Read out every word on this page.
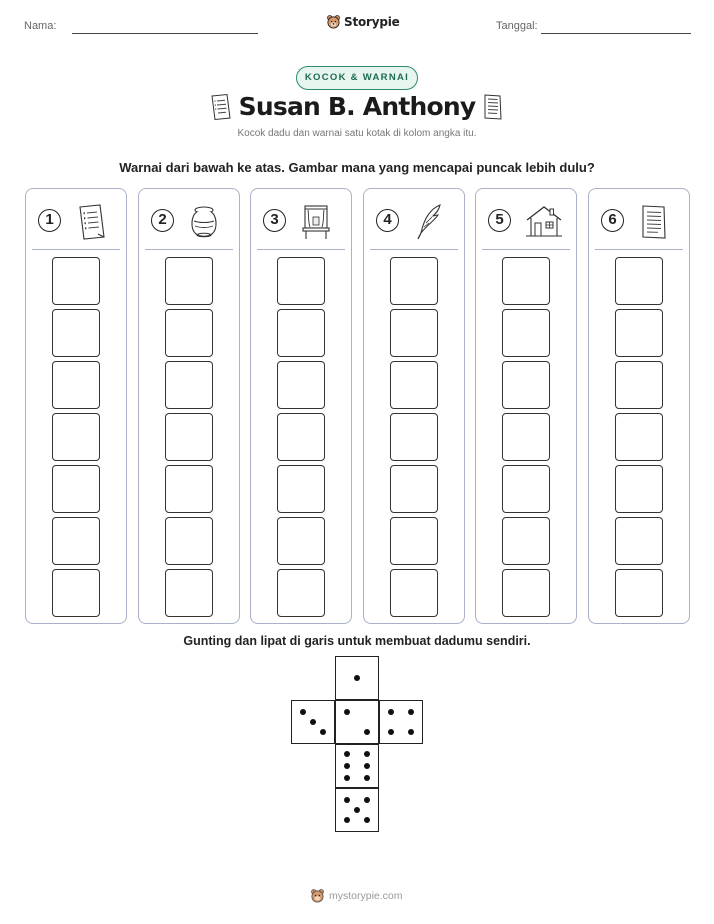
Nama:	Storypie	Tanggal:
KOCOK & WARNAI
Susan B. Anthony
Kocok dadu dan warnai satu kotak di kolom angka itu.
Warnai dari bawah ke atas. Gambar mana yang mencapai puncak lebih dulu?
1	2	3	4	5	6
Gunting dan lipat di garis untuk membuat dadumu sendiri.
mystorypie.com
